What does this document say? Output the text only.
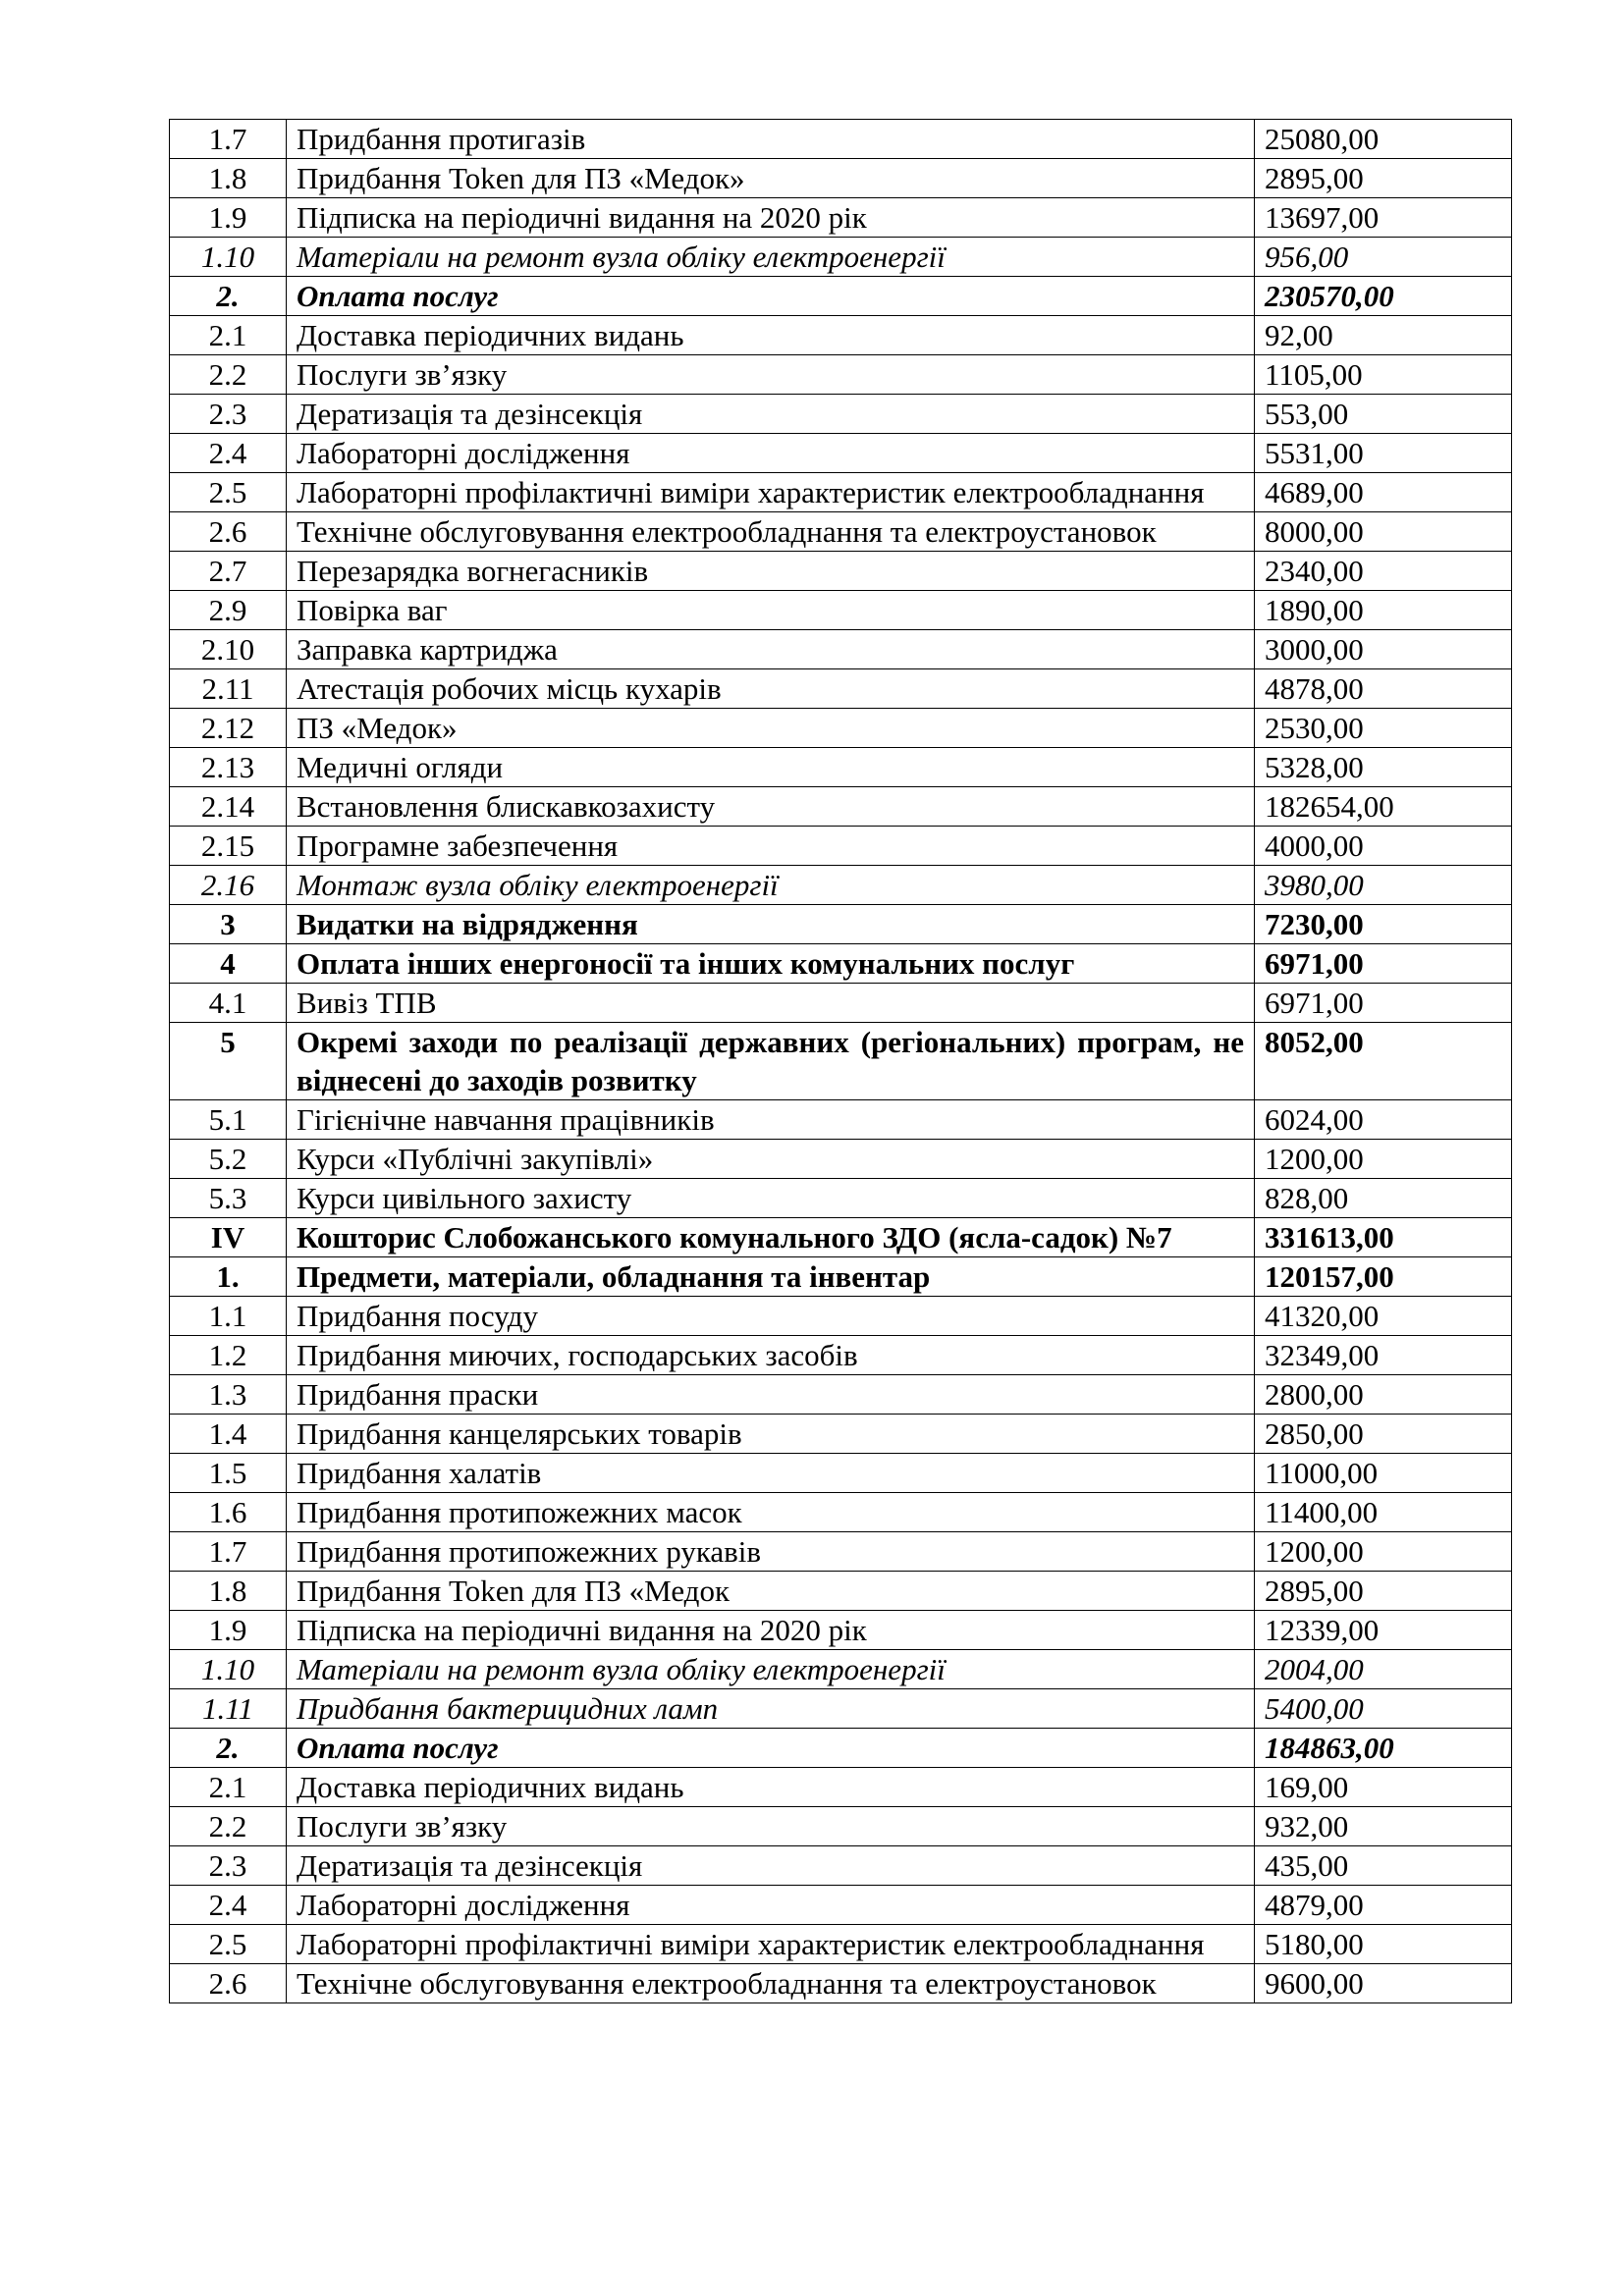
1.7	Придбання протигазів	25080,00
1.8	Придбання Token для ПЗ «Медок»	2895,00
1.9	Підписка на періодичні видання на 2020 рік	13697,00
1.10	Матеріали на ремонт вузла обліку електроенергії	956,00
2.	Оплата послуг	230570,00
2.1	Доставка періодичних видань	92,00
2.2	Послуги зв’язку	1105,00
2.3	Дератизація та дезінсекція	553,00
2.4	Лабораторні дослідження	5531,00
2.5	Лабораторні профілактичні виміри характеристик електрообладнання	4689,00
2.6	Технічне обслуговування електрообладнання та електроустановок	8000,00
2.7	Перезарядка вогнегасників	2340,00
2.9	Повірка ваг	1890,00
2.10	Заправка картриджа	3000,00
2.11	Атестація робочих місць кухарів	4878,00
2.12	ПЗ «Медок»	2530,00
2.13	Медичні огляди	5328,00
2.14	Встановлення блискавкозахисту	182654,00
2.15	Програмне забезпечення	4000,00
2.16	Монтаж вузла обліку електроенергії	3980,00
3	Видатки на відрядження	7230,00
4	Оплата інших енергоносії та інших комунальних послуг	6971,00
4.1	Вивіз ТПВ	6971,00
5	Окремі заходи по реалізації державних (регіональних) програм, не віднесені до заходів розвитку	8052,00
5.1	Гігієнічне навчання працівників	6024,00
5.2	Курси «Публічні закупівлі»	1200,00
5.3	Курси цивільного захисту	828,00
IV	Кошторис Слобожанського комунального ЗДО (ясла-садок) №7	331613,00
1.	Предмети, матеріали, обладнання та інвентар	120157,00
1.1	Придбання посуду	41320,00
1.2	Придбання миючих, господарських засобів	32349,00
1.3	Придбання праски	2800,00
1.4	Придбання канцелярських товарів	2850,00
1.5	Придбання халатів	11000,00
1.6	Придбання протипожежних масок	11400,00
1.7	Придбання протипожежних рукавів	1200,00
1.8	Придбання Token для ПЗ «Медок	2895,00
1.9	Підписка на періодичні видання на 2020 рік	12339,00
1.10	Матеріали на ремонт вузла обліку електроенергії	2004,00
1.11	Придбання бактерицидних ламп	5400,00
2.	Оплата послуг	184863,00
2.1	Доставка періодичних видань	169,00
2.2	Послуги зв’язку	932,00
2.3	Дератизація та дезінсекція	435,00
2.4	Лабораторні дослідження	4879,00
2.5	Лабораторні профілактичні виміри характеристик електрообладнання	5180,00
2.6	Технічне обслуговування електрообладнання та електроустановок	9600,00
